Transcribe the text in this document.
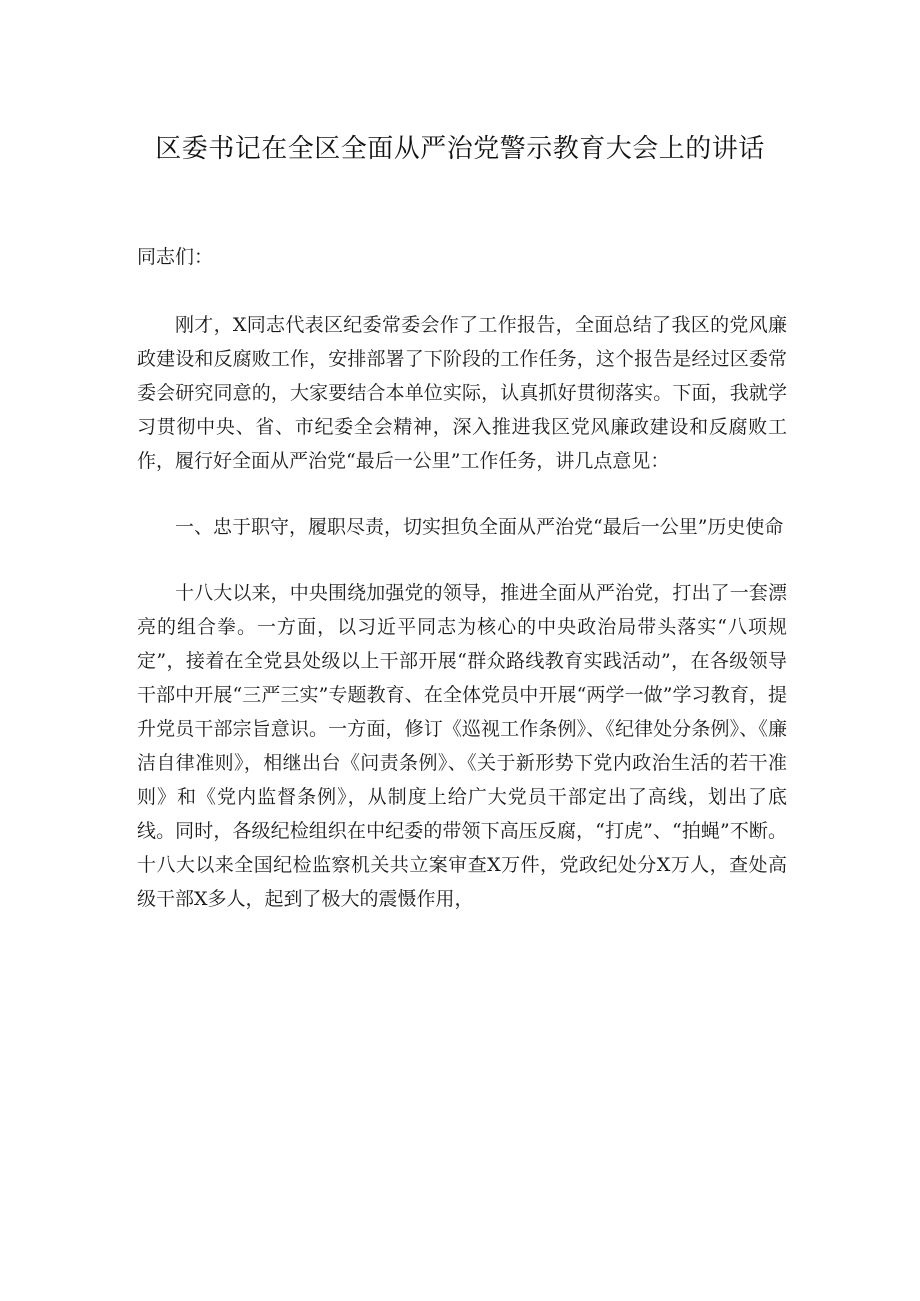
区委书记在全区全面从严治党警示教育大会上的讲话

同志们：

刚才，X同志代表区纪委常委会作了工作报告，全面总结了我区的党风廉政建设和反腐败工作，安排部署了下阶段的工作任务，这个报告是经过区委常委会研究同意的，大家要结合本单位实际，认真抓好贯彻落实。下面，我就学习贯彻中央、省、市纪委全会精神，深入推进我区党风廉政建设和反腐败工作，履行好全面从严治党“最后一公里”工作任务，讲几点意见：

一、忠于职守，履职尽责，切实担负全面从严治党“最后一公里”历史使命

十八大以来，中央围绕加强党的领导，推进全面从严治党，打出了一套漂亮的组合拳。一方面，以习近平同志为核心的中央政治局带头落实“八项规定”，接着在全党县处级以上干部开展“群众路线教育实践活动”，在各级领导干部中开展“三严三实”专题教育、在全体党员中开展“两学一做”学习教育，提升党员干部宗旨意识。一方面，修订《巡视工作条例》、《纪律处分条例》、《廉洁自律准则》，相继出台《问责条例》、《关于新形势下党内政治生活的若干准则》和《党内监督条例》，从制度上给广大党员干部定出了高线，划出了底线。同时，各级纪检组织在中纪委的带领下高压反腐，“打虎”、“拍蝇”不断。十八大以来全国纪检监察机关共立案审查X万件，党政纪处分X万人，查处高级干部X多人，起到了极大的震慑作用，
